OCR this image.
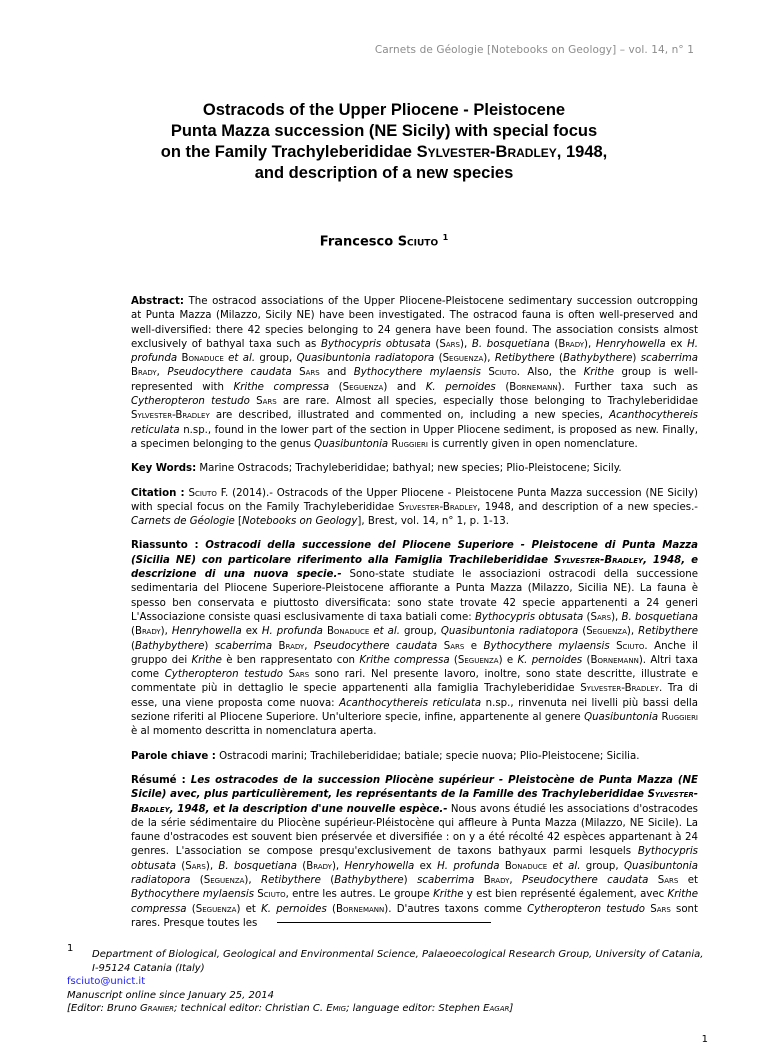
Carnets de Géologie [Notebooks on Geology] – vol. 14, n° 1
Ostracods of the Upper Pliocene - Pleistocene
Punta Mazza succession (NE Sicily) with special focus
on the Family Trachyleberididae Sylvester-Bradley, 1948,
and description of a new species
Francesco Sciuto $^1$

Abstract: The ostracod associations of the Upper Pliocene-Pleistocene sedimentary succession outcropping at Punta Mazza (Milazzo, Sicily NE) have been investigated. The ostracod fauna is often well-preserved and well-diversified: there 42 species belonging to 24 genera have been found. The association consists almost exclusively of bathyal taxa such as Bythocypris obtusata (Sars), B. bosquetiana (Brady), Henryhowella ex H. profunda Bonaduce et al. group, Quasibuntonia radiatopora (Seguenza), Retibythere (Bathybythere) scaberrima Brady, Pseudocythere caudata Sars and Bythocythere mylaensis Sciuto. Also, the Krithe group is well-represented with Krithe compressa (Seguenza) and K. pernoides (Bornemann). Further taxa such as Cytheropteron testudo Sars are rare. Almost all species, especially those belonging to Trachyleberididae Sylvester-Bradley are described, illustrated and commented on, including a new species, Acanthocythereis reticulata n.sp., found in the lower part of the section in Upper Pliocene sediment, is proposed as new. Finally, a specimen belonging to the genus Quasibuntonia Ruggieri is currently given in open nomenclature.

Key Words: Marine Ostracods; Trachyleberididae; bathyal; new species; Plio-Pleistocene; Sicily.

Citation : Sciuto F. (2014).- Ostracods of the Upper Pliocene - Pleistocene Punta Mazza succession (NE Sicily) with special focus on the Family Trachyleberididae Sylvester-Bradley, 1948, and description of a new species.- Carnets de Géologie [Notebooks on Geology], Brest, vol. 14, n° 1, p. 1-13.

Riassunto : Ostracodi della successione del Pliocene Superiore - Pleistocene di Punta Mazza (Sicilia NE) con particolare riferimento alla Famiglia Trachileberididae Sylvester-Bradley, 1948, e descrizione di una nuova specie.- Sono-state studiate le associazioni ostracodi della successione sedimentaria del Pliocene Superiore-Pleistocene affiorante a Punta Mazza (Milazzo, Sicilia NE). La fauna è spesso ben conservata e piuttosto diversificata: sono state trovate 42 specie appartenenti a 24 generi L'Associazione consiste quasi esclusivamente di taxa batiali come: Bythocypris obtusata (Sars), B. bosquetiana (Brady), Henryhowella ex H. profunda Bonaduce et al. group, Quasibuntonia radiatopora (Seguenza), Retibythere (Bathybythere) scaberrima Brady, Pseudocythere caudata Sars e Bythocythere mylaensis Sciuto. Anche il gruppo dei Krithe è ben rappresentato con Krithe compressa (Seguenza) e K. pernoides (Bornemann). Altri taxa come Cytheropteron testudo Sars sono rari. Nel presente lavoro, inoltre, sono state descritte, illustrate e commentate più in dettaglio le specie appartenenti alla famiglia Trachyleberididae Sylvester-Bradley. Tra di esse, una viene proposta come nuova: Acanthocythereis reticulata n.sp., rinvenuta nei livelli più bassi della sezione riferiti al Pliocene Superiore. Un'ulteriore specie, infine, appartenente al genere Quasibuntonia Ruggieri è al momento descritta in nomenclatura aperta.

Parole chiave : Ostracodi marini; Trachileberididae; batiale; specie nuova; Plio-Pleistocene; Sicilia.

Résumé : Les ostracodes de la succession Pliocène supérieur - Pleistocène de Punta Mazza (NE Sicile) avec, plus particulièrement, les représentants de la Famille des Trachyleberididae Sylvester-Bradley, 1948, et la description d'une nouvelle espèce.- Nous avons étudié les associations d'ostracodes de la série sédimentaire du Pliocène supérieur-Pléistocène qui affleure à Punta Mazza (Milazzo, NE Sicile). La faune d'ostracodes est souvent bien préservée et diversifiée : on y a été récolté 42 espèces appartenant à 24 genres. L'association se compose presqu'exclusivement de taxons bathyaux parmi lesquels Bythocypris obtusata (Sars), B. bosquetiana (Brady), Henryhowella ex H. profunda Bonaduce et al. group, Quasibuntonia radiatopora (Seguenza), Retibythere (Bathybythere) scaberrima Brady, Pseudocythere caudata Sars et Bythocythere mylaensis Sciuto, entre les autres. Le groupe Krithe y est bien représenté également, avec Krithe compressa (Seguenza) et K. pernoides (Bornemann). D'autres taxons comme Cytheropteron testudo Sars sont rares. Presque toutes les

1
Department of Biological, Geological and Environmental Science, Palaeoecological Research Group, University of Catania, I-95124 Catania (Italy)
fsciuto@unict.it
Manuscript online since January 25, 2014
[Editor: Bruno Granier; technical editor: Christian C. Emig; language editor: Stephen Eagar]
1
